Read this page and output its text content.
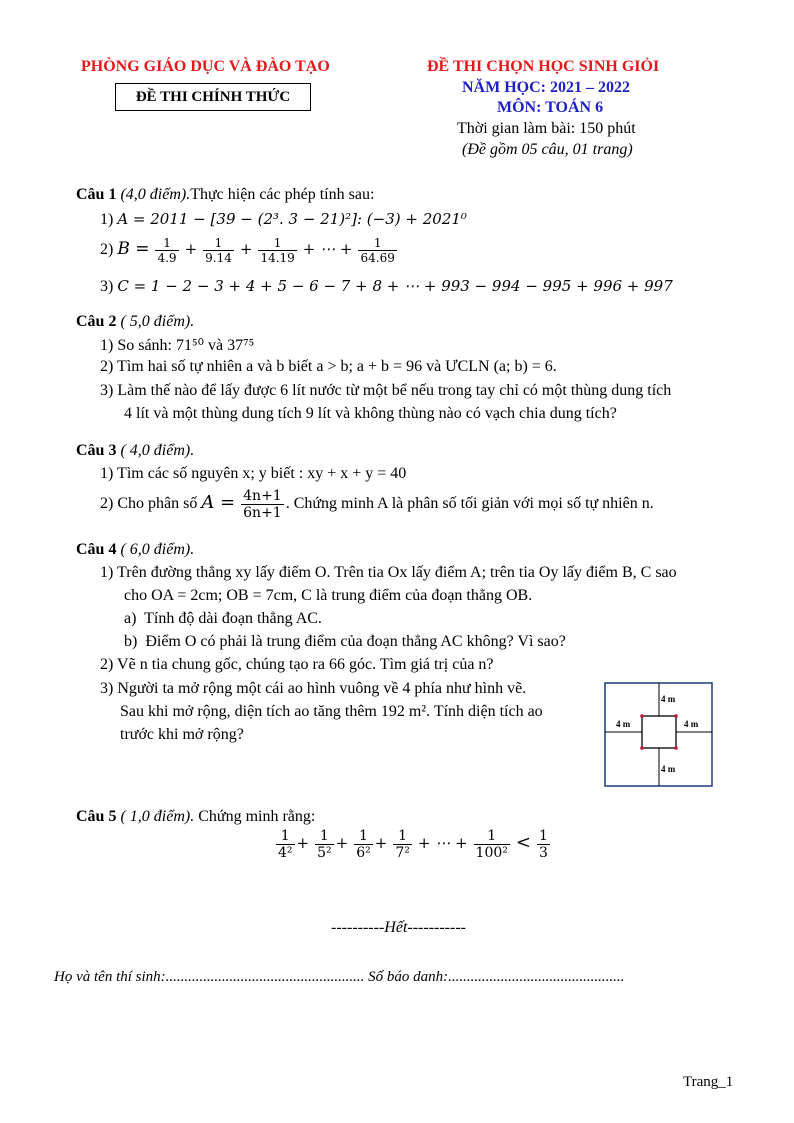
PHÒNG GIÁO DỤC VÀ ĐÀO TẠO
ĐỀ THI CHÍNH THỨC
ĐỀ THI CHỌN HỌC SINH GIỎI
NĂM HỌC: 2021 – 2022
MÔN: TOÁN 6
Thời gian làm bài: 150 phút
(Đề gồm 05 câu, 01 trang)
Câu 1 (4,0 điểm).Thực hiện các phép tính sau:
1) A = 2011 − [39 − (2³. 3 − 21)²]: (−3) + 2021⁰
2) $B = \frac{1}{4.9} + \frac{1}{9.14} + \frac{1}{14.19}$ + ⋯ + $\frac{1}{64.69}$
3) C = 1 − 2 − 3 + 4 + 5 − 6 − 7 + 8 + ⋯ + 993 − 994 − 995 + 996 + 997
Câu 2 ( 5,0 điểm).
1) So sánh: 71⁵⁰ và 37⁷⁵
2) Tìm hai số tự nhiên a và b biết a > b; a + b = 96 và ƯCLN (a; b) = 6.
3) Làm thế nào để lấy được 6 lít nước từ một bể nếu trong tay chỉ có một thùng dung tích
4 lít và một thùng dung tích 9 lít và không thùng nào có vạch chia dung tích?
Câu 3 ( 4,0 điểm).
1) Tìm các số nguyên x; y biết : xy + x + y = 40
2) Cho phân số $A = \frac{4n+1}{6n+1}$ . Chứng minh A là phân số tối giản với mọi số tự nhiên n.
Câu 4 ( 6,0 điểm).
1) Trên đường thẳng xy lấy điểm O. Trên tia Ox lấy điểm A; trên tia Oy lấy điểm B, C sao
cho OA = 2cm; OB = 7cm, C là trung điểm của đoạn thẳng OB.
a) Tính độ dài đoạn thẳng AC.
b) Điểm O có phải là trung điểm của đoạn thẳng AC không? Vì sao?
2) Vẽ n tia chung gốc, chúng tạo ra 66 góc. Tìm giá trị của n?
3) Người ta mở rộng một cái ao hình vuông về 4 phía như hình vẽ.
Sau khi mở rộng, diện tích ao tăng thêm 192 m². Tính diện tích ao
trước khi mở rộng?
4 m
4 m	4 m
4 m
Câu 5 ( 1,0 điểm). Chứng minh rằng:
$\frac{1}{\text{4²}} + \frac{1}{\text{5²}} + \frac{1}{\text{6²}} + \frac{1}{\text{7²}}$ + ⋯ + $\frac{1}{\text{100²}} < \frac{1}{3}$
----------Hết-----------
Họ và tên thí sinh:..................................................... Số báo danh:...............................................
Trang_1
